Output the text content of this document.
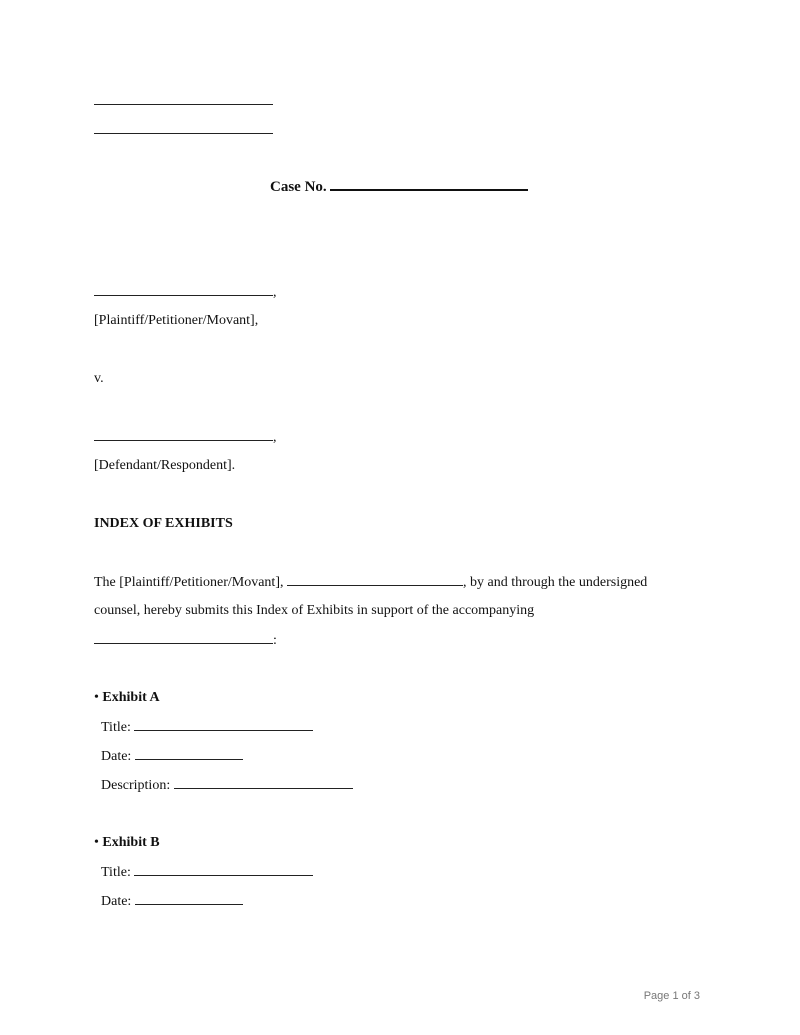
Case No.
,
[Plaintiff/Petitioner/Movant],
v.
,
[Defendant/Respondent].
INDEX OF EXHIBITS
The [Plaintiff/Petitioner/Movant],	, by and through the undersigned
counsel, hereby submits this Index of Exhibits in support of the accompanying
:
• Exhibit A
Title:
Date:
Description:
• Exhibit B
Title:
Date:
Page 1 of 3
